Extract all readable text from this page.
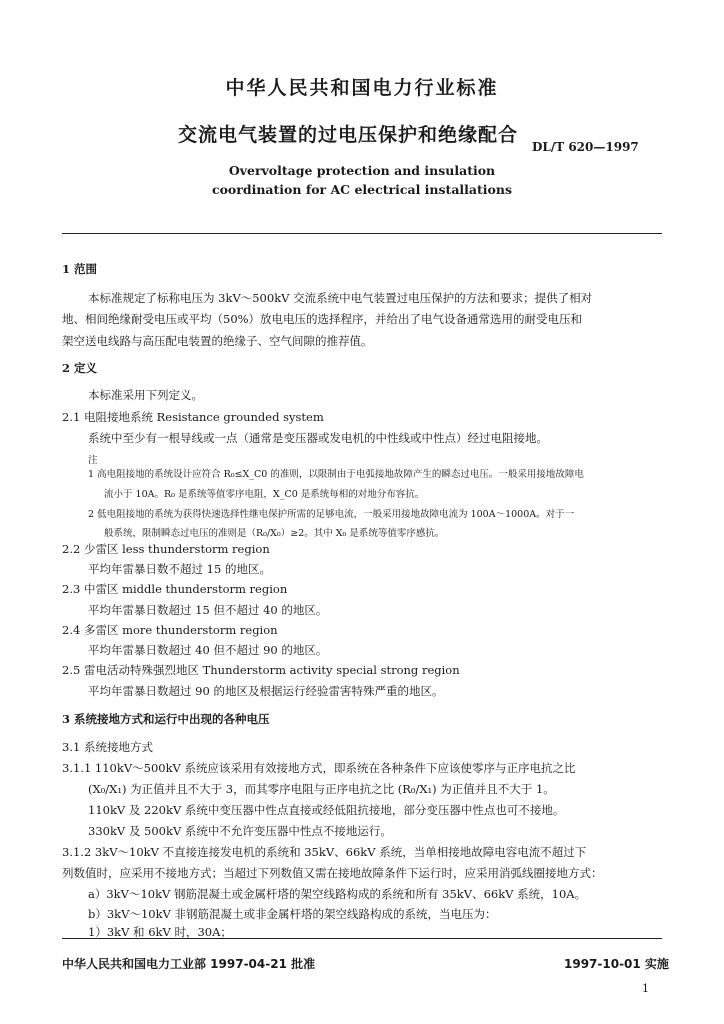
中华人民共和国电力行业标准
交流电气装置的过电压保护和绝缘配合
DL/T 620—1997
Overvoltage protection and insulation
coordination for AC electrical installations
1 范围
本标准规定了标称电压为 3kV～500kV 交流系统中电气装置过电压保护的方法和要求；提供了相对
地、相间绝缘耐受电压或平均（50%）放电电压的选择程序，并给出了电气设备通常选用的耐受电压和
架空送电线路与高压配电装置的绝缘子、空气间隙的推荐值。
2 定义
本标准采用下列定义。
2.1 电阻接地系统 Resistance grounded system
系统中至少有一根导线或一点（通常是变压器或发电机的中性线或中性点）经过电阻接地。
注
1 高电阻接地的系统设计应符合 R₀≤X_C0 的准则，以限制由于电弧接地故障产生的瞬态过电压。一般采用接地故障电
流小于 10A。R₀ 是系统等值零序电阻，X_C0 是系统每相的对地分布容抗。
2 低电阻接地的系统为获得快速选择性继电保护所需的足够电流，一般采用接地故障电流为 100A～1000A。对于一
般系统，限制瞬态过电压的准则是（R₀/X₀）≥2。其中 X₀ 是系统等值零序感抗。
2.2 少雷区 less thunderstorm region
平均年雷暴日数不超过 15 的地区。
2.3 中雷区 middle thunderstorm region
平均年雷暴日数超过 15 但不超过 40 的地区。
2.4 多雷区 more thunderstorm region
平均年雷暴日数超过 40 但不超过 90 的地区。
2.5 雷电活动特殊强烈地区 Thunderstorm activity special strong region
平均年雷暴日数超过 90 的地区及根据运行经验雷害特殊严重的地区。
3 系统接地方式和运行中出现的各种电压
3.1 系统接地方式
3.1.1 110kV～500kV 系统应该采用有效接地方式，即系统在各种条件下应该使零序与正序电抗之比
(X₀/X₁) 为正值并且不大于 3，而其零序电阻与正序电抗之比 (R₀/X₁) 为正值并且不大于 1。
110kV 及 220kV 系统中变压器中性点直接或经低阻抗接地，部分变压器中性点也可不接地。
330kV 及 500kV 系统中不允许变压器中性点不接地运行。
3.1.2 3kV～10kV 不直接连接发电机的系统和 35kV、66kV 系统，当单相接地故障电容电流不超过下
列数值时，应采用不接地方式；当超过下列数值又需在接地故障条件下运行时，应采用消弧线圈接地方式：
a）3kV～10kV 钢筋混凝土或金属杆塔的架空线路构成的系统和所有 35kV、66kV 系统，10A。
b）3kV～10kV 非钢筋混凝土或非金属杆塔的架空线路构成的系统，当电压为：
1）3kV 和 6kV 时，30A；
中华人民共和国电力工业部 1997-04-21 批准	1997-10-01 实施
1
